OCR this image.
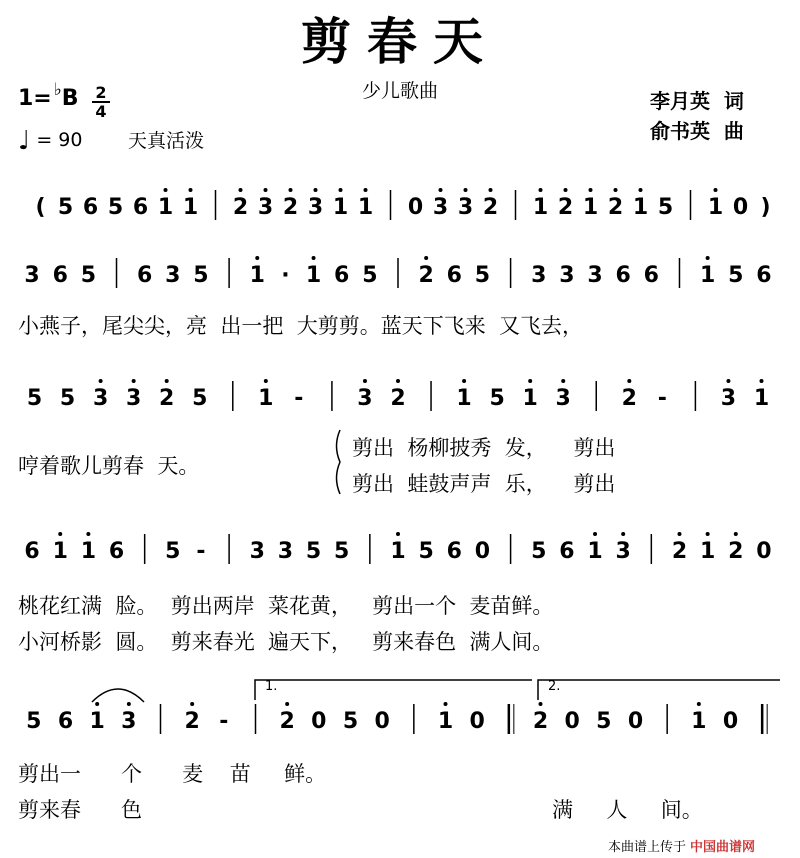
剪春天
少儿歌曲	李月英  词
俞书英  曲
1= ♭B 2
4
♩ = 90 天真活泼
( 5 6 5 6 1 1 2 3 2 3 1 1 0 3 3 2 1 2 1 2 1 5 1 0 )
3 6 5 6 3 5 1 · 1 6 5 2 6 5 3 3 3 6 6 1 5 6
5 5 3 3 2 5 1 - 3 2 1 5 1 3 2 - 3 1
6 1 1 6 5 - 3 3 5 5 1 5 6 0 5 6 1 3 2 1 2 0
5 6 1 3 2 - 2 0 5 0 1 0 2 0 5 0 1 0
1.	2.
小燕子，尾尖尖，亮  出一把  大剪剪。蓝天下飞来  又飞去，
哼着歌儿剪春  天。
剪出  杨柳披秀  发，    剪出
剪出  蛙鼓声声  乐，    剪出
桃花红满  脸。  剪出两岸  菜花黄，   剪出一个  麦苗鲜。
小河桥影  圆。  剪来春光  遍天下，   剪来春色  满人间。
剪出一      个      麦    苗     鲜。
剪来春      色	满     人     间。
本曲谱上传于 中国曲谱网
